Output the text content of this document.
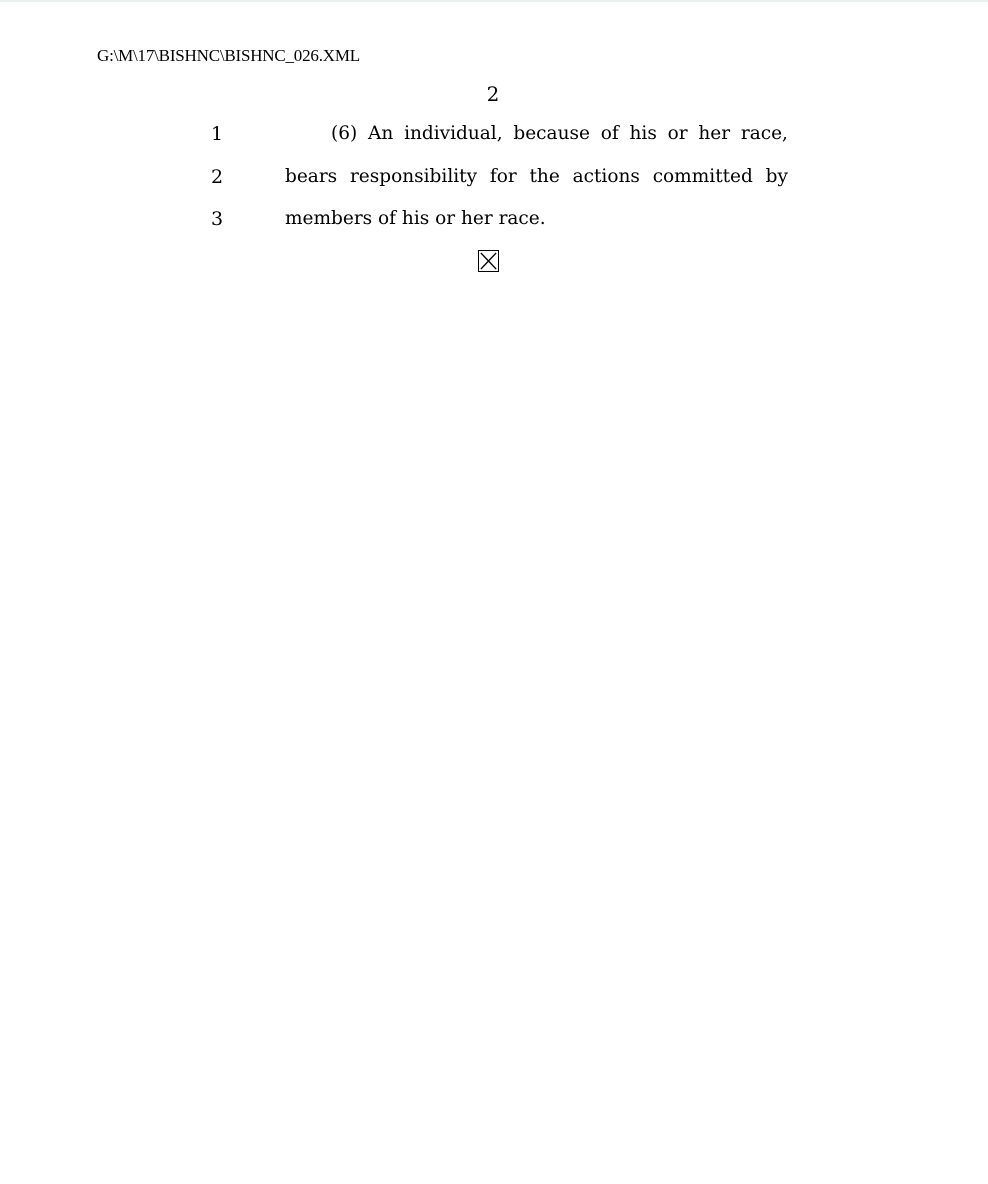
G:\M\17\BISHNC\BISHNC_026.XML
2
1	(6) An individual, because of his or her race,
2	bears responsibility for the actions committed by
3	members of his or her race.
